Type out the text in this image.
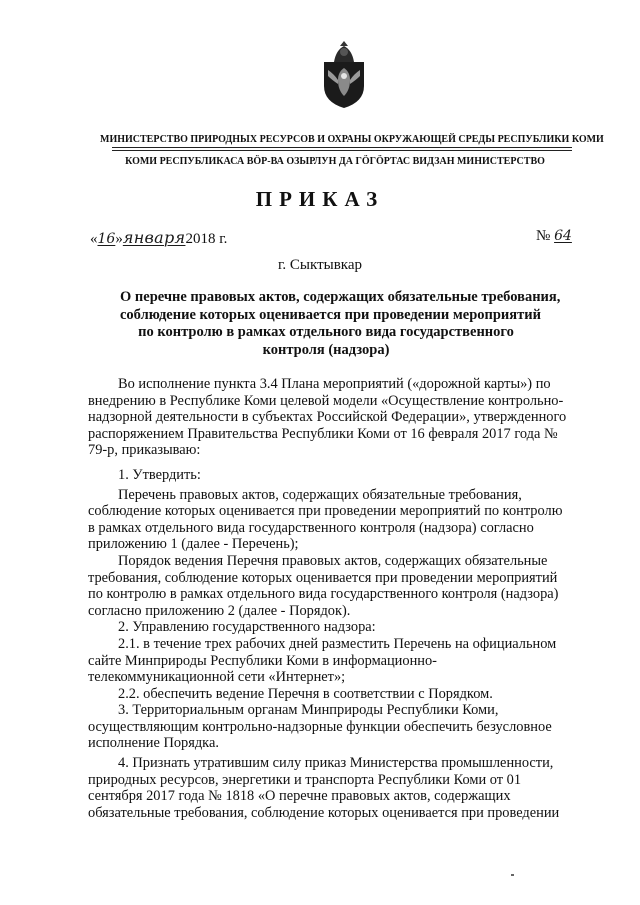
МИНИСТЕРСТВО ПРИРОДНЫХ РЕСУРСОВ И ОХРАНЫ ОКРУЖАЮЩЕЙ СРЕДЫ РЕСПУБЛИКИ КОМИ
КОМИ РЕСПУБЛИКАСА ВӦР-ВА ОЗЫРЛУН ДА ГӦГӦРТАС ВИДЗАН МИНИСТЕРСТВО
ПРИКАЗ
«16»января2018 г.	№ 64
г. Сыктывкар
О перечне правовых актов, содержащих обязательные требования,
соблюдение которых оценивается при проведении мероприятий
по контролю в рамках отдельного вида государственного
контроля (надзора)
Во исполнение пункта 3.4 Плана мероприятий («дорожной карты») по
внедрению в Республике Коми целевой модели «Осуществление контрольно-
надзорной деятельности в субъектах Российской Федерации», утвержденного
распоряжением Правительства Республики Коми от 16 февраля 2017 года №
79-р, приказываю:
1. Утвердить:
Перечень правовых актов, содержащих обязательные требования,
соблюдение которых оценивается при проведении мероприятий по контролю
в рамках отдельного вида государственного контроля (надзора) согласно
приложению 1 (далее - Перечень);
Порядок ведения Перечня правовых актов, содержащих обязательные
требования, соблюдение которых оценивается при проведении мероприятий
по контролю в рамках отдельного вида государственного контроля (надзора)
согласно приложению 2 (далее - Порядок).
2. Управлению государственного надзора:
2.1. в течение трех рабочих дней разместить Перечень на официальном
сайте Минприроды Республики Коми в информационно-
телекоммуникационной сети «Интернет»;
2.2. обеспечить ведение Перечня в соответствии с Порядком.
3. Территориальным органам Минприроды Республики Коми,
осуществляющим контрольно-надзорные функции обеспечить безусловное
исполнение Порядка.
4. Признать утратившим силу приказ Министерства промышленности,
природных ресурсов, энергетики и транспорта Республики Коми от 01
сентября 2017 года № 1818 «О перечне правовых актов, содержащих
обязательные требования, соблюдение которых оценивается при проведении
